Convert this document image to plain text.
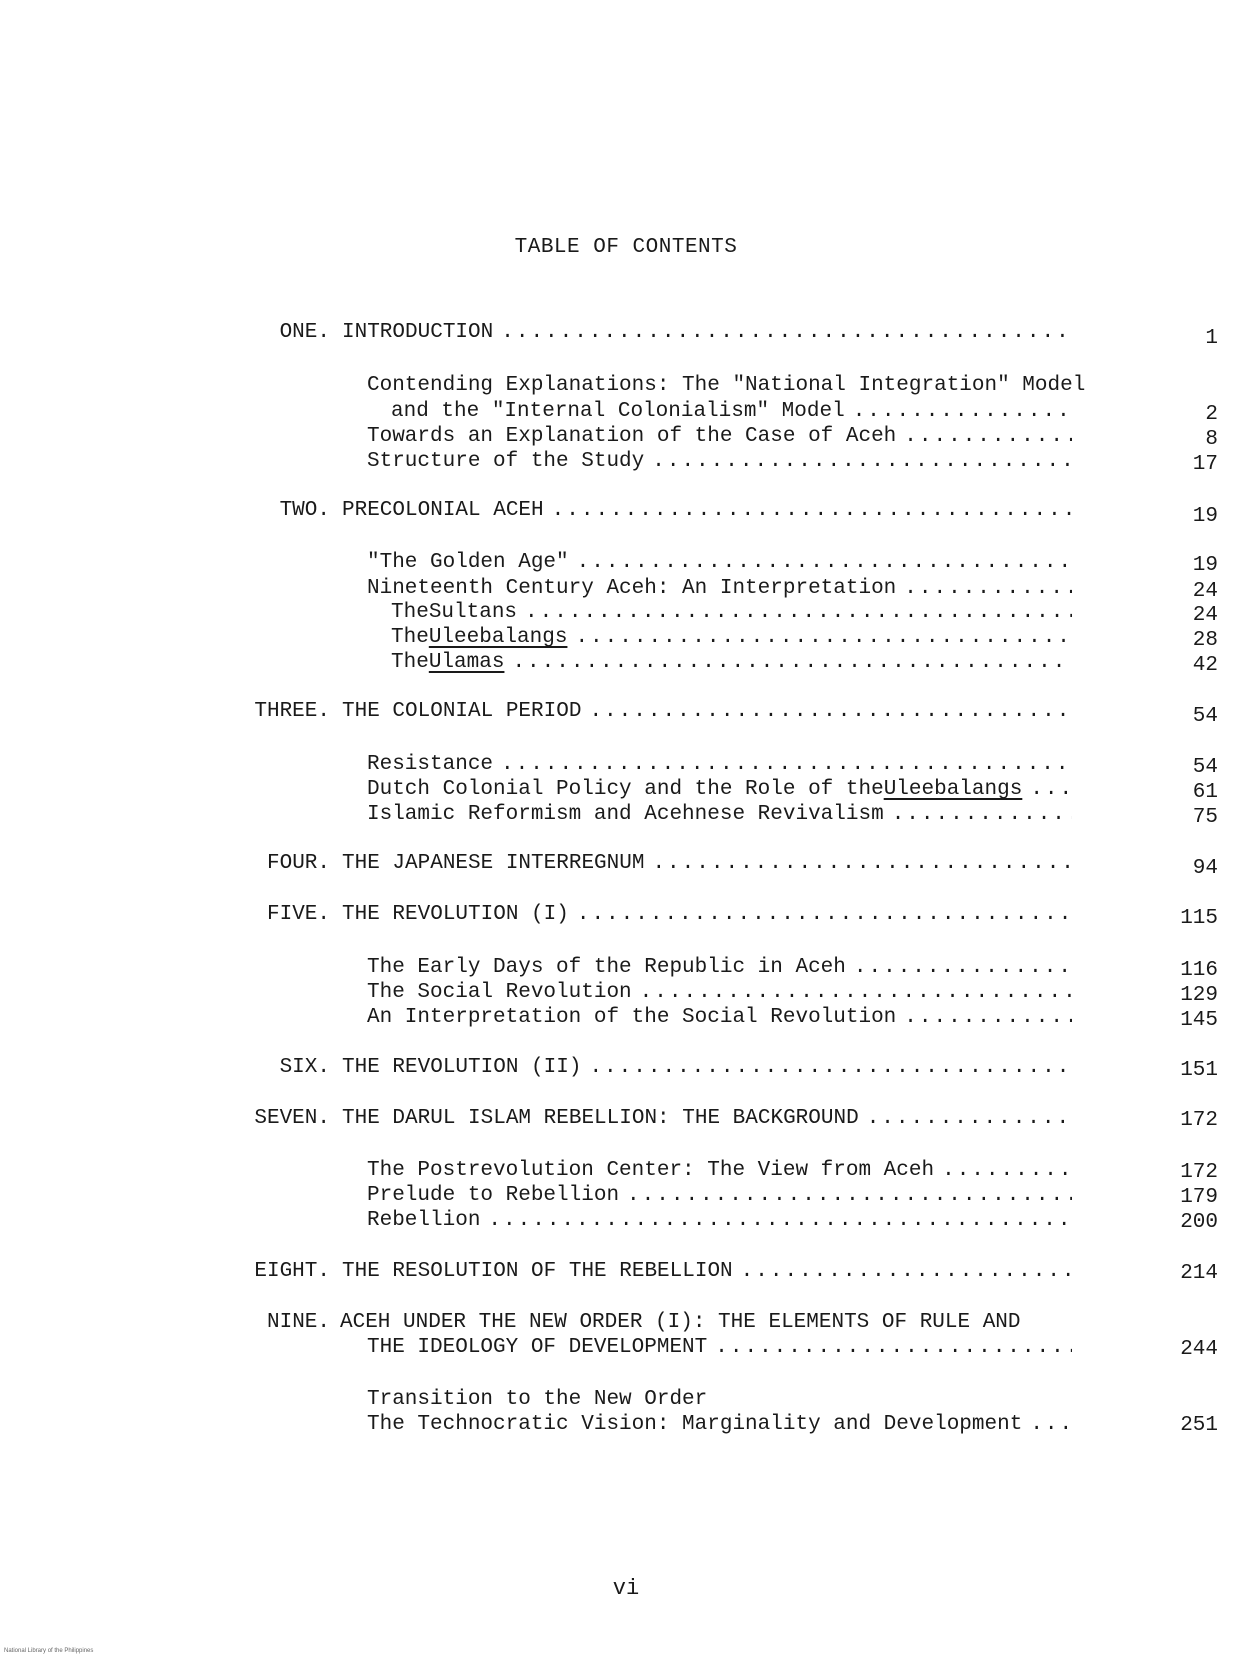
TABLE OF CONTENTS
ONE. INTRODUCTION .....	1
Contending Explanations: The "National Integration" Model
and the "Internal Colonialism" Model .....	2
Towards an Explanation of the Case of Aceh .....	8
Structure of the Study .....	17
TWO. PRECOLONIAL ACEH .....	19
"The Golden Age" .....	19
Nineteenth Century Aceh: An Interpretation .....	24
The Sultans .....	24
The Uleebalangs .....	28
The Ulamas .....	42
THREE. THE COLONIAL PERIOD .....	54
Resistance .....	54
Dutch Colonial Policy and the Role of the Uleebalangs .....	61
Islamic Reformism and Acehnese Revivalism .....	75
FOUR. THE JAPANESE INTERREGNUM .....	94
FIVE. THE REVOLUTION (I) .....	115
The Early Days of the Republic in Aceh .....	116
The Social Revolution .....	129
An Interpretation of the Social Revolution .....	145
SIX. THE REVOLUTION (II) .....	151
SEVEN. THE DARUL ISLAM REBELLION: THE BACKGROUND .....	172
The Postrevolution Center: The View from Aceh .....	172
Prelude to Rebellion .....	179
Rebellion .....	200
EIGHT. THE RESOLUTION OF THE REBELLION .....	214
NINE. ACEH UNDER THE NEW ORDER (I): THE ELEMENTS OF RULE AND
THE IDEOLOGY OF DEVELOPMENT .....	244
Transition to the New Order
The Technocratic Vision: Marginality and Development .....	251
vi
National Library of the Philippines
